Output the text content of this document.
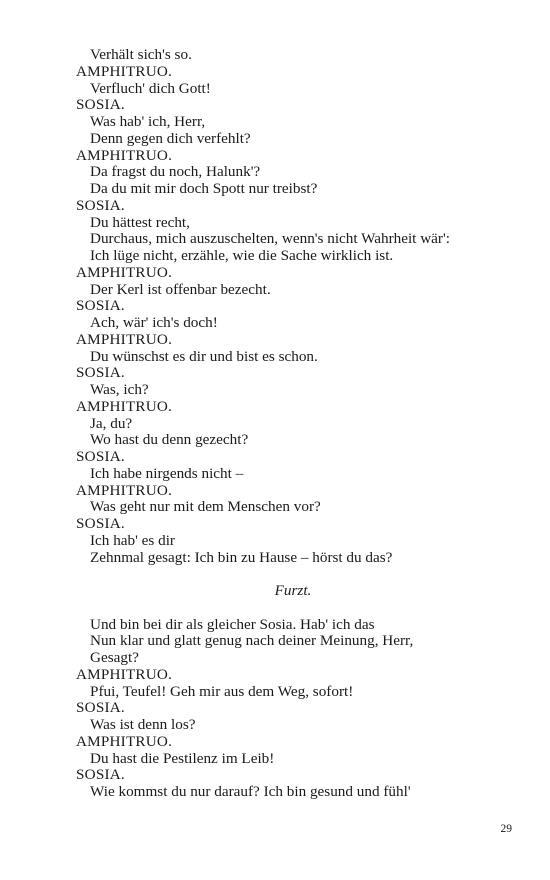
Verhält sich's so.
AMPHITRUO.
Verfluch' dich Gott!
SOSIA.
Was hab' ich, Herr,
Denn gegen dich verfehlt?
AMPHITRUO.
Da fragst du noch, Halunk'?
Da du mit mir doch Spott nur treibst?
SOSIA.
Du hättest recht,
Durchaus, mich auszuschelten, wenn's nicht Wahrheit wär':
Ich lüge nicht, erzähle, wie die Sache wirklich ist.
AMPHITRUO.
Der Kerl ist offenbar bezecht.
SOSIA.
Ach, wär' ich's doch!
AMPHITRUO.
Du wünschst es dir und bist es schon.
SOSIA.
Was, ich?
AMPHITRUO.
Ja, du?
Wo hast du denn gezecht?
SOSIA.
Ich habe nirgends nicht –
AMPHITRUO.
Was geht nur mit dem Menschen vor?
SOSIA.
Ich hab' es dir
Zehnmal gesagt: Ich bin zu Hause – hörst du das?
Furzt.
Und bin bei dir als gleicher Sosia. Hab' ich das
Nun klar und glatt genug nach deiner Meinung, Herr,
Gesagt?
AMPHITRUO.
Pfui, Teufel! Geh mir aus dem Weg, sofort!
SOSIA.
Was ist denn los?
AMPHITRUO.
Du hast die Pestilenz im Leib!
SOSIA.
Wie kommst du nur darauf? Ich bin gesund und fühl'
29
